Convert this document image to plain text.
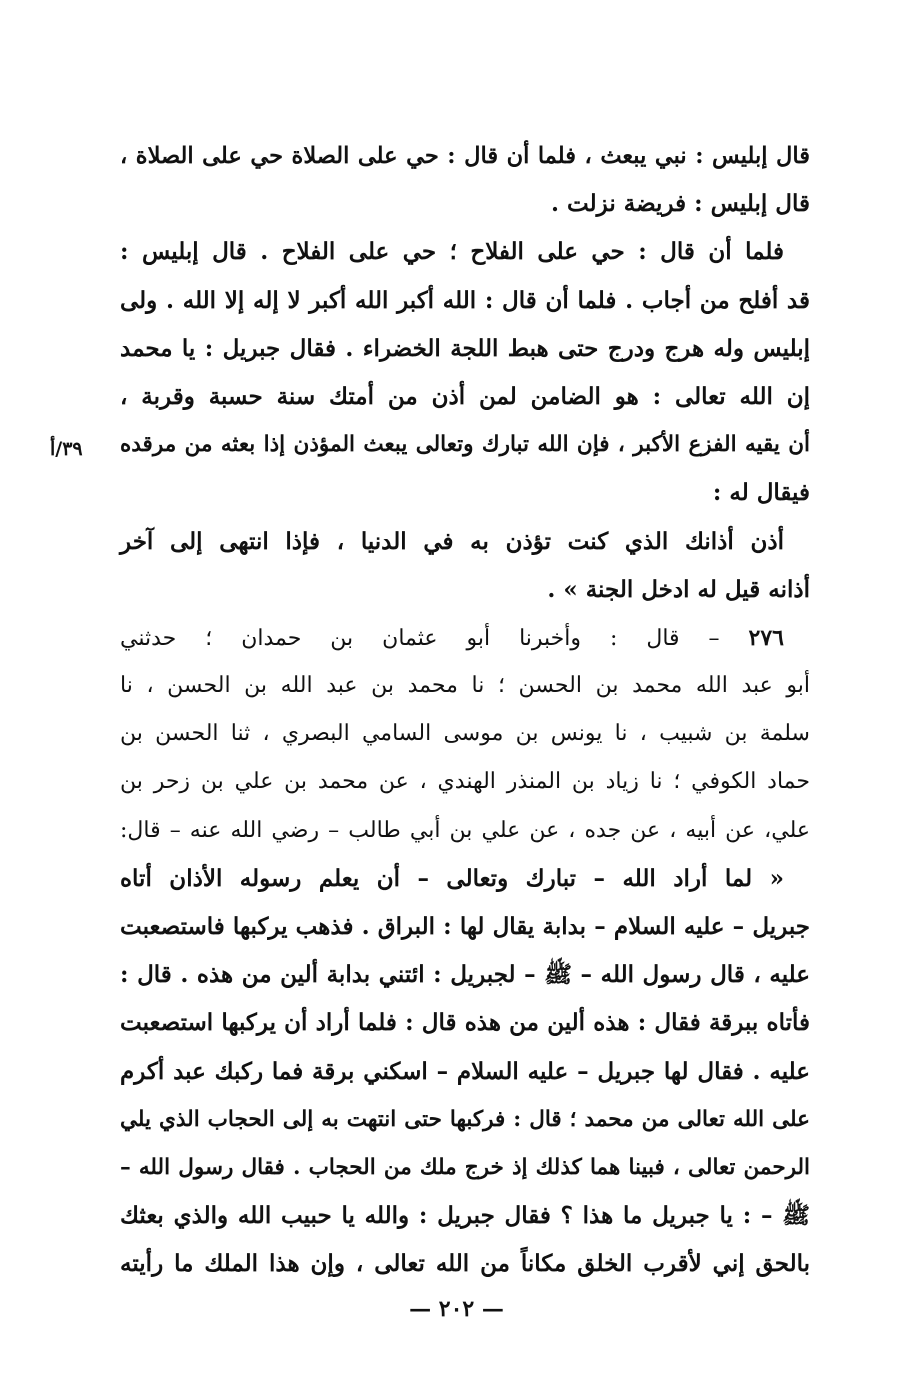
٣٩/أ
قال إبليس : نبي يبعث ، فلما أن قال : حي على الصلاة حي على الصلاة ،
قال إبليس : فريضة نزلت .
فلما أن قال : حي على الفلاح ؛ حي على الفلاح . قال إبليس :
قد أفلح من أجاب . فلما أن قال : الله أكبر الله أكبر لا إله إلا الله . ولى
إبليس وله هرج ودرج حتى هبط اللجة الخضراء . فقال جبريل : يا محمد
إن الله تعالى : هو الضامن لمن أذن من أمتك سنة حسبة وقربة ،
أن يقيه الفزع الأكبر ، فإن الله تبارك وتعالى يبعث المؤذن إذا بعثه من مرقده
فيقال له :
أذن أذانك الذي كنت تؤذن به في الدنيا ، فإذا انتهى إلى آخر
أذانه قيل له ادخل الجنة » .
٢٧٦ – قال : وأخبرنا أبو عثمان بن حمدان ؛ حدثني
أبو عبد الله محمد بن الحسن ؛ نا محمد بن عبد الله بن الحسن ، نا
سلمة بن شبيب ، نا يونس بن موسى السامي البصري ، ثنا الحسن بن
حماد الكوفي ؛ نا زياد بن المنذر الهندي ، عن محمد بن علي بن زحر بن
علي، عن أبيه ، عن جده ، عن علي بن أبي طالب – رضي الله عنه – قال:
« لما أراد الله – تبارك وتعالى – أن يعلم رسوله الأذان أتاه
جبريل – عليه السلام – بدابة يقال لها : البراق . فذهب يركبها فاستصعبت
عليه ، قال رسول الله – ﷺ – لجبريل : ائتني بدابة ألين من هذه . قال :
فأتاه ببرقة فقال : هذه ألين من هذه قال : فلما أراد أن يركبها استصعبت
عليه . فقال لها جبريل – عليه السلام – اسكني برقة فما ركبك عبد أكرم
على الله تعالى من محمد ؛ قال : فركبها حتى انتهت به إلى الحجاب الذي يلي
الرحمن تعالى ، فبينا هما كذلك إذ خرج ملك من الحجاب . فقال رسول الله –
ﷺ – : يا جبريل ما هذا ؟ فقال جبريل : والله يا حبيب الله والذي بعثك
بالحق إني لأقرب الخلق مكاناً من الله تعالى ، وإن هذا الملك ما رأيته
— ٢٠٢ —
